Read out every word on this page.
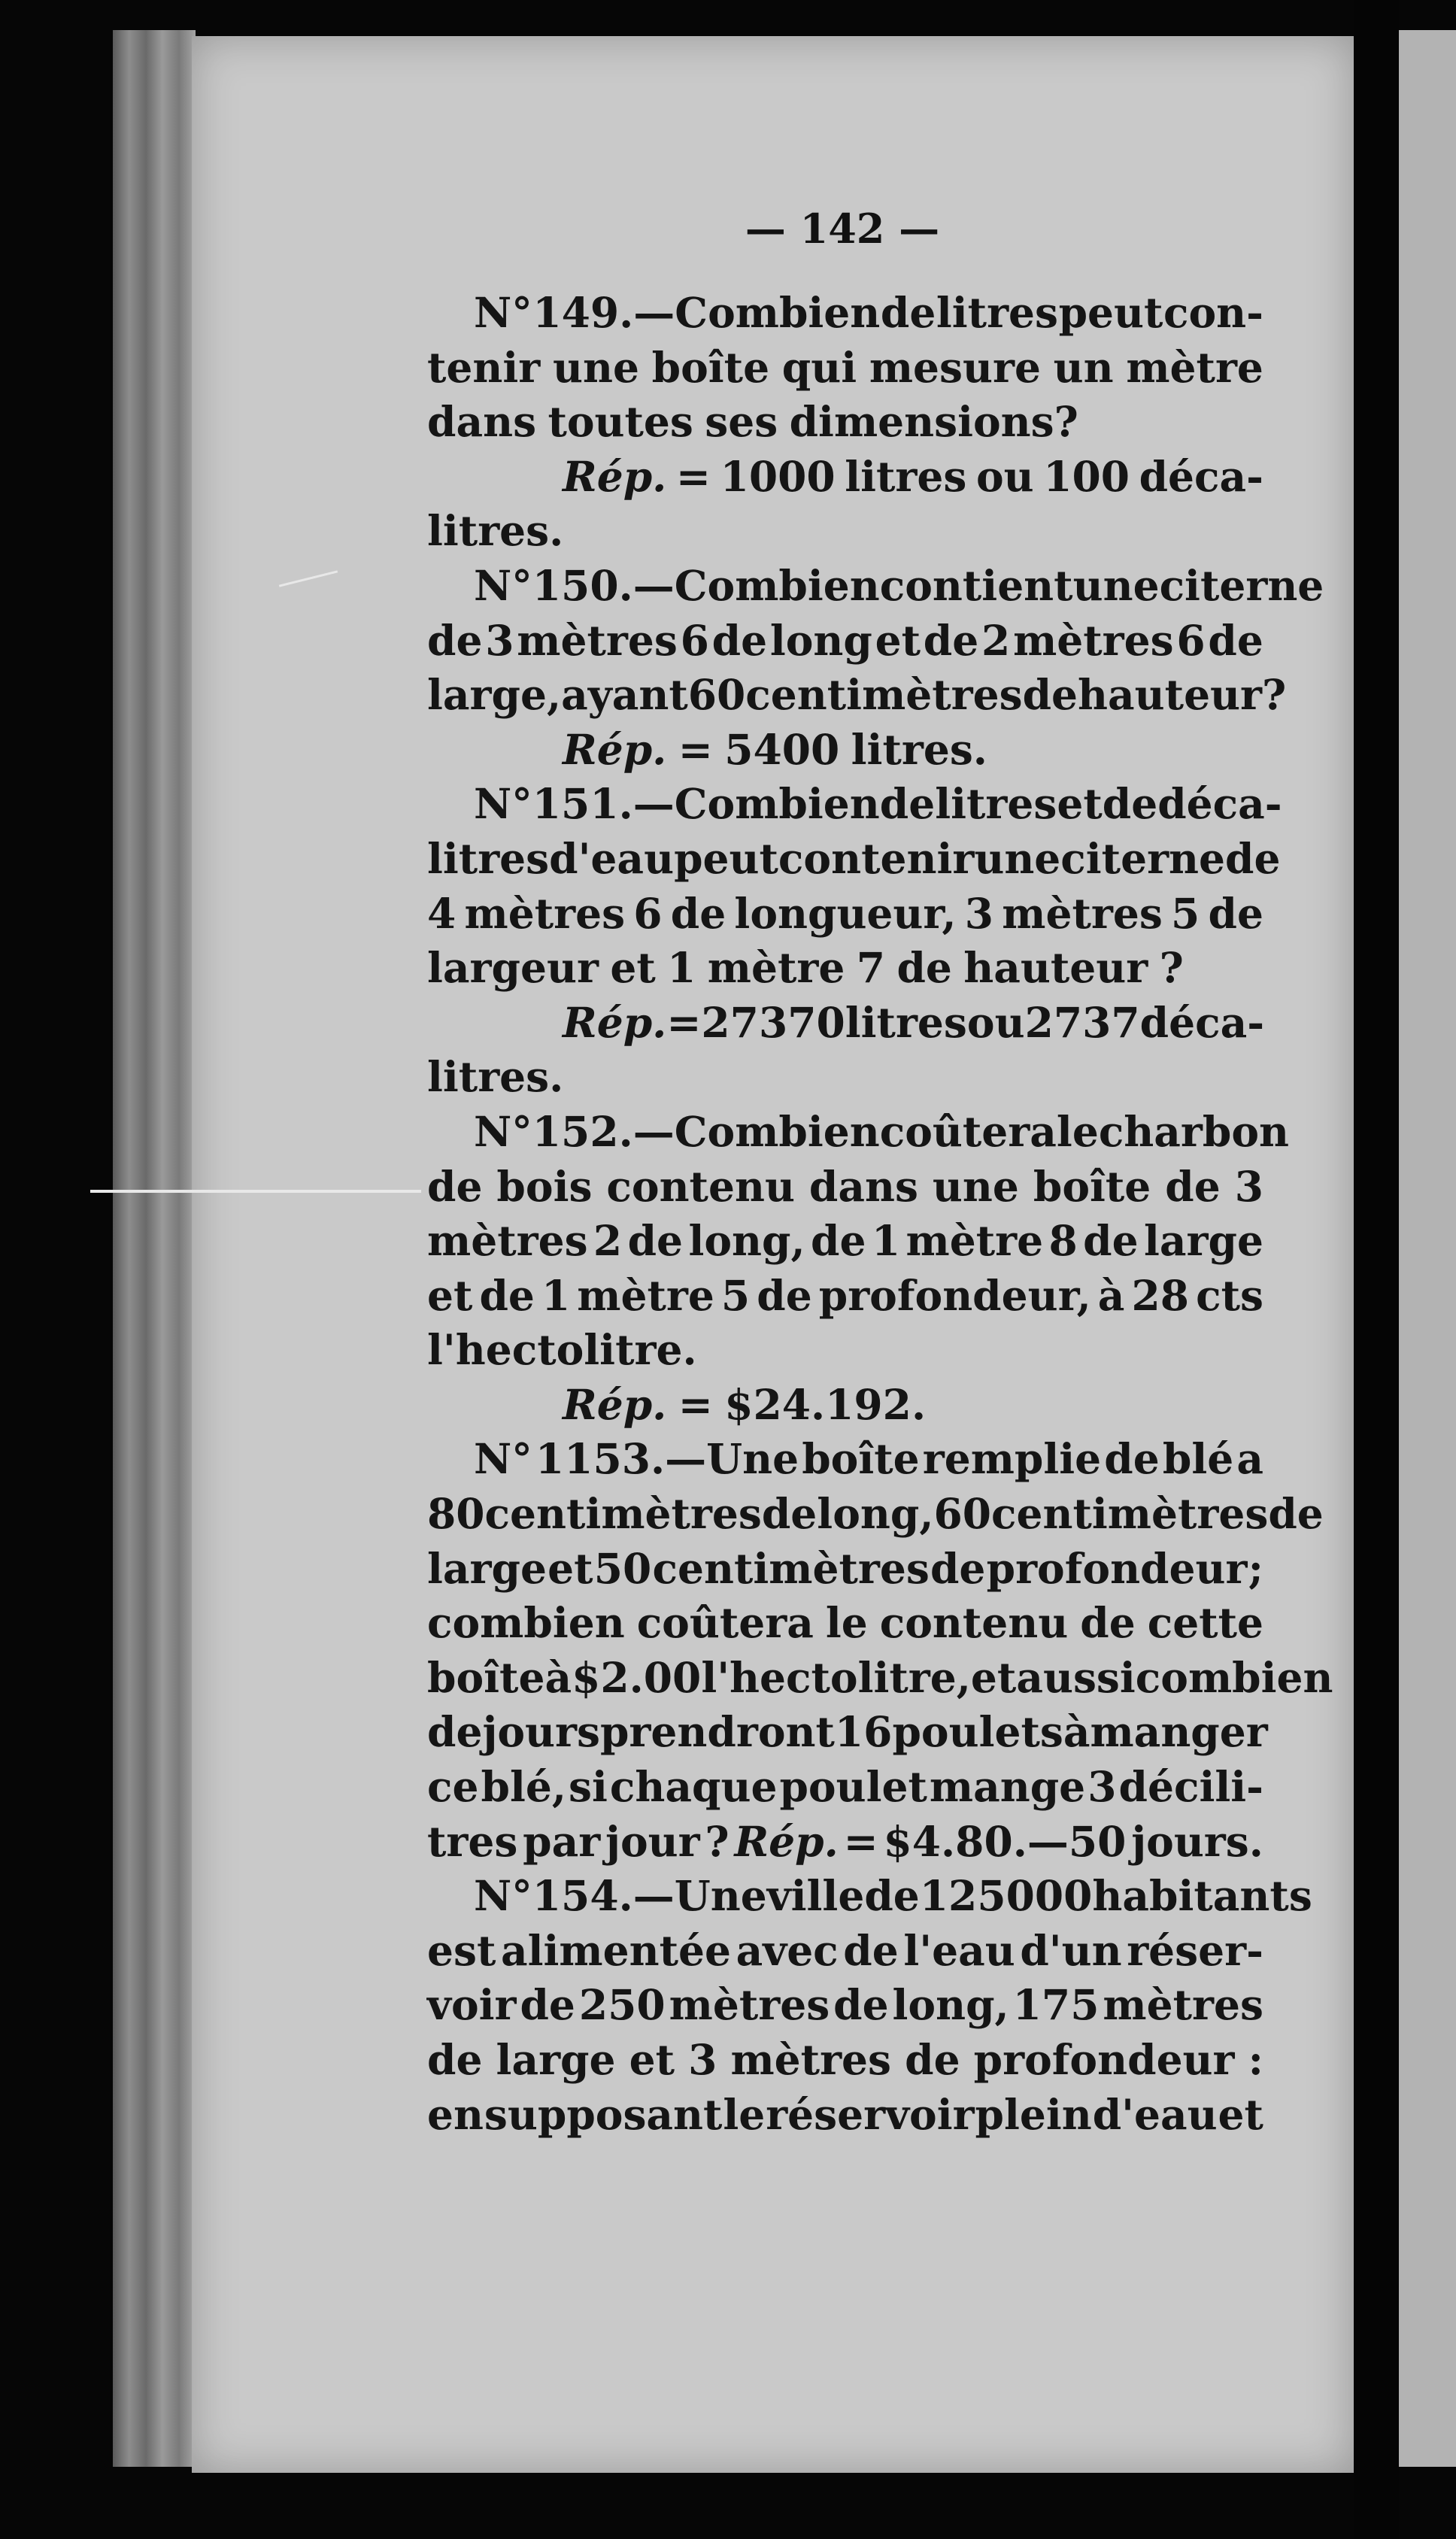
— 142 —
N° 149.—Combien de litres peut con-
tenir une boîte qui mesure un mètre
dans toutes ses dimensions?
Rép. = 1000 litres ou 100 déca-
litres.
N° 150.—Combien contient une citerne
de 3 mètres 6 de long et de 2 mètres 6 de
large, ayant 60 centimètres de hauteur ?
Rép. = 5400 litres.
N° 151.—Combien de litres et de déca-
litres d'eau peut contenir une citerne de
4 mètres 6 de longueur, 3 mètres 5 de
largeur et 1 mètre 7 de hauteur ?
Rép. = 27370 litres ou 2737 déca-
litres.
N° 152.—Combien coûtera le charbon
de bois contenu dans une boîte de 3
mètres 2 de long, de 1 mètre 8 de large
et de 1 mètre 5 de profondeur, à 28 cts
l'hectolitre.
Rép. = $24.192.
N° 1153.—Une boîte remplie de blé a
80 centimètres de long, 60 centimètres de
large et 50 centimètres de profondeur ;
combien coûtera le contenu de cette
boîte à $2.00 l'hectolitre, et aussi combien
de jours prendront 16 poulets à manger
ce blé, si chaque poulet mange 3 décili-
tres par jour ? Rép. = $4.80.—50 jours.
N° 154.—Une ville de 125000 habitants
est alimentée avec de l'eau d'un réser-
voir de 250 mètres de long, 175 mètres
de large et 3 mètres de profondeur :
en supposant le réservoir plein d'eau et
